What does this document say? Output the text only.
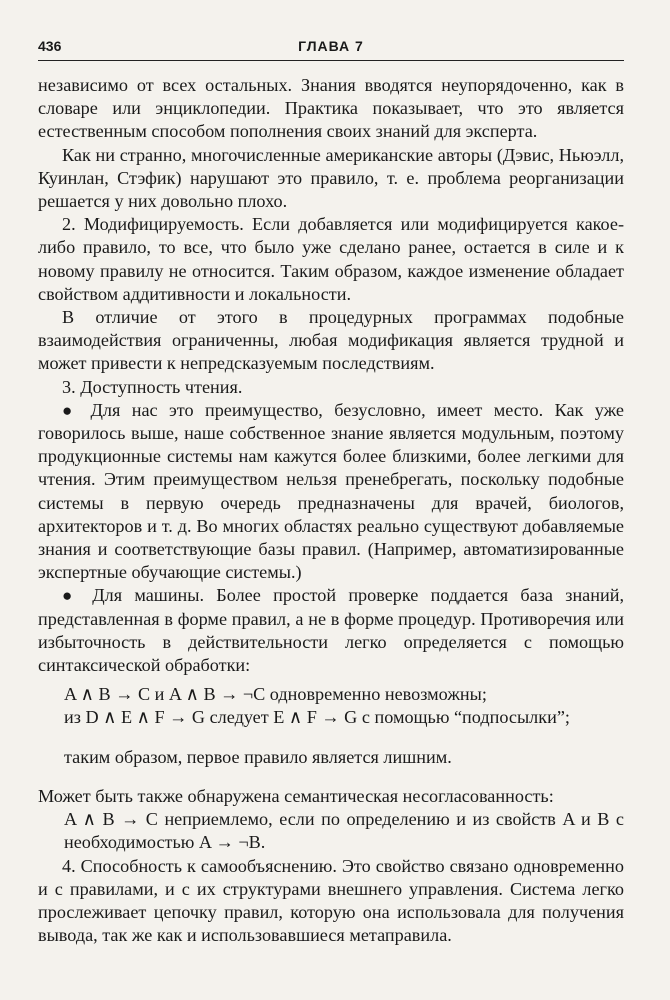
436	ГЛАВА 7

независимо от всех остальных. Знания вводятся неупорядоченно, как в словаре или энциклопедии. Практика показывает, что это является естественным способом пополнения своих знаний для эксперта.

Как ни странно, многочисленные американские авторы (Дэвис, Ньюэлл, Куинлан, Стэфик) нарушают это правило, т. е. проблема реорганизации решается у них довольно плохо.

2. Модифицируемость. Если добавляется или модифицируется какое-либо правило, то все, что было уже сделано ранее, остается в силе и к новому правилу не относится. Таким образом, каждое изменение обладает свойством аддитивности и локальности.

В отличие от этого в процедурных программах подобные взаимодействия ограниченны, любая модификация является трудной и может привести к непредсказуемым последствиям.

3. Доступность чтения.

● Для нас это преимущество, безусловно, имеет место. Как уже говорилось выше, наше собственное знание является модульным, поэтому продукционные системы нам кажутся более близкими, более легкими для чтения. Этим преимуществом нельзя пренебрегать, поскольку подобные системы в первую очередь предназначены для врачей, биологов, архитекторов и т. д. Во многих областях реально существуют добавляемые знания и соответствующие базы правил. (Например, автоматизированные экспертные обучающие системы.)

● Для машины. Более простой проверке поддается база знаний, представленная в форме правил, а не в форме процедур. Противоречия или избыточность в действительности легко определяется с помощью синтаксической обработки:

A ∧ B → C и A ∧ B → ¬C одновременно невозможны;

из D ∧ E ∧ F → G следует E ∧ F → G с помощью “подпосылки”;

таким образом, первое правило является лишним.

Может быть также обнаружена семантическая несогласованность:

A ∧ B → C неприемлемо, если по определению и из свойств A и B с необходимостью A → ¬B.

4. Способность к самообъяснению. Это свойство связано одновременно и с правилами, и с их структурами внешнего управления. Система легко прослеживает цепочку правил, которую она использовала для получения вывода, так же как и использовавшиеся метаправила.
